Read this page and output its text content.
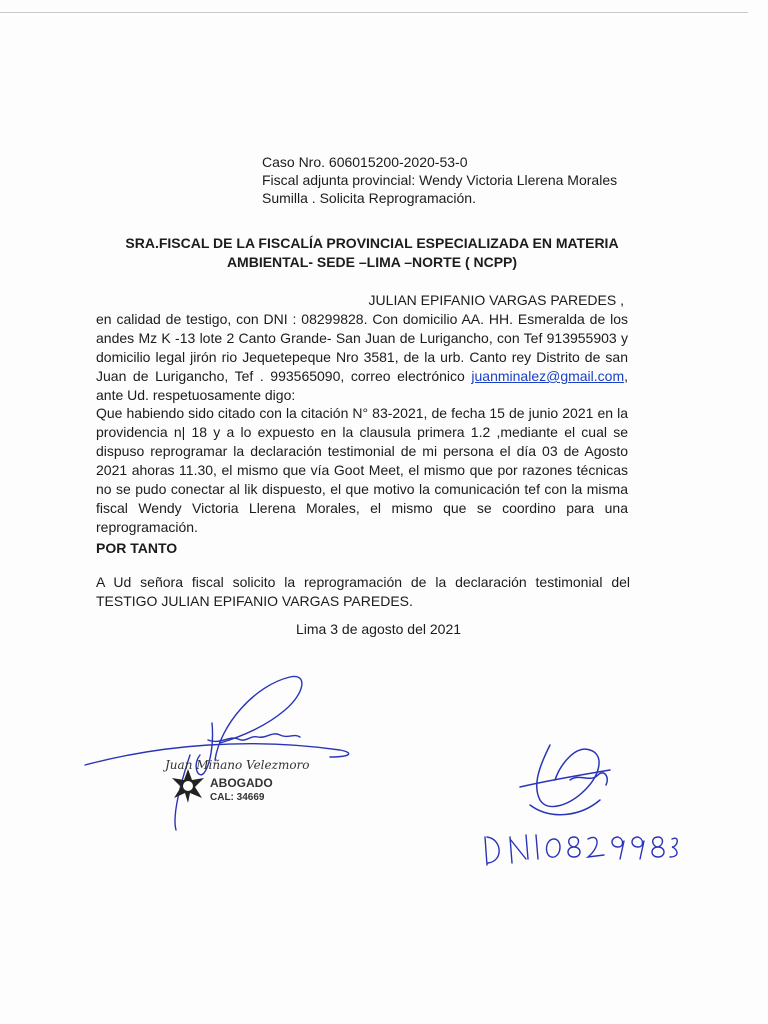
Caso Nro. 606015200-2020-53-0
Fiscal adjunta provincial: Wendy Victoria Llerena Morales
Sumilla . Solicita Reprogramación.
SRA.FISCAL DE LA FISCALÍA PROVINCIAL ESPECIALIZADA EN MATERIA
AMBIENTAL- SEDE –LIMA –NORTE ( NCPP)
JULIAN EPIFANIO VARGAS PAREDES ,
en calidad de testigo, con DNI : 08299828. Con domicilio AA. HH. Esmeralda de los andes Mz K -13 lote 2 Canto Grande- San Juan de Lurigancho, con Tef 913955903 y domicilio legal jirón rio Jequetepeque Nro 3581, de la urb. Canto rey Distrito de san Juan de Lurigancho, Tef . 993565090, correo electrónico juanminalez@gmail.com, ante Ud. respetuosamente digo:
Que habiendo sido citado con la citación N° 83-2021, de fecha 15 de junio 2021 en la providencia n| 18 y a lo expuesto en la clausula primera 1.2 ,mediante el cual se dispuso reprogramar la declaración testimonial de mi persona el día 03 de Agosto 2021 ahoras 11.30, el mismo que vía Goot Meet, el mismo que por razones técnicas no se pudo conectar al lik dispuesto, el que motivo la comunicación tef con la misma fiscal Wendy Victoria Llerena Morales, el mismo que se coordino para una reprogramación.
POR TANTO
A Ud señora fiscal solicito la reprogramación de la declaración testimonial del TESTIGO JULIAN EPIFANIO VARGAS PAREDES.
Lima 3 de agosto del 2021
Juan Miñano Velezmoro
ABOGADO
CAL: 34669
